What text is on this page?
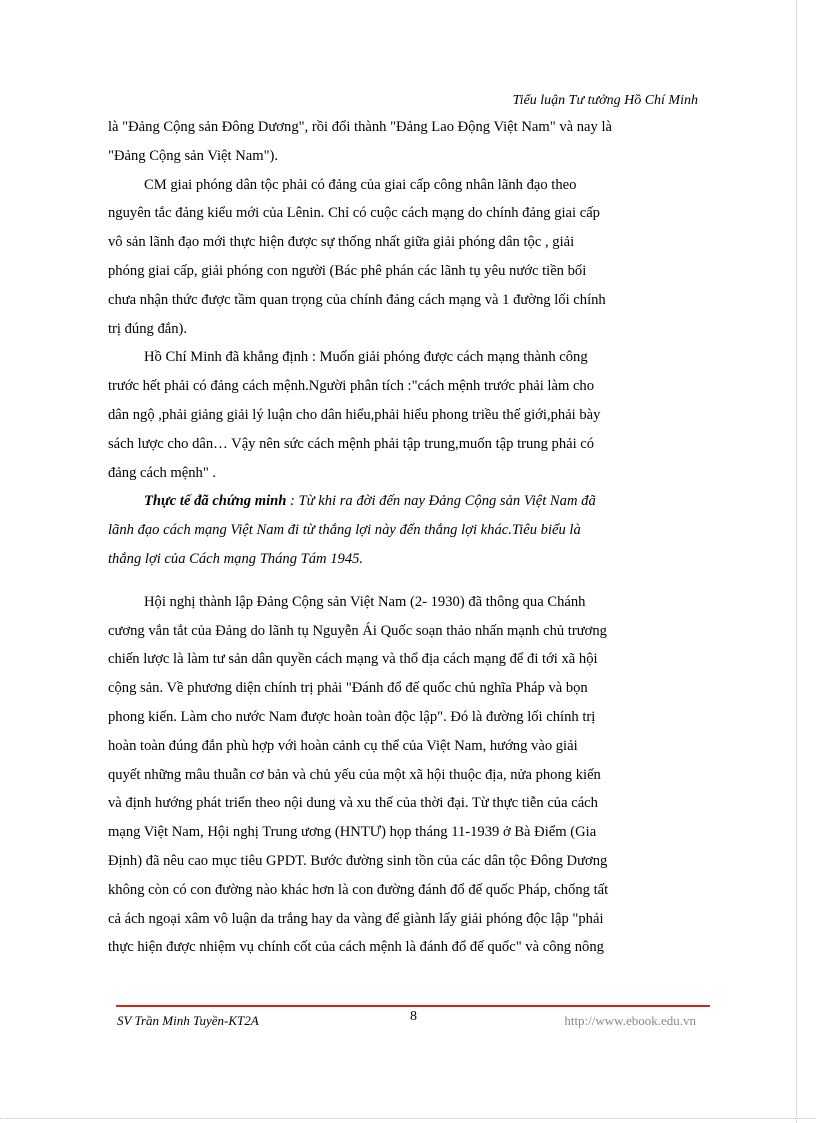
Tiểu luận Tư tưởng Hồ Chí Minh
là "Đảng Cộng sản Đông Dương", rồi đổi thành "Đảng Lao Động Việt Nam" và nay là
"Đảng Cộng sản Việt Nam").
CM giai phóng dân tộc phải có đảng của giai cấp công nhân lãnh đạo theo
nguyên tắc đảng kiểu mới của Lênin. Chỉ có cuộc cách mạng do chính đảng giai cấp
vô sản lãnh đạo mới thực hiện được sự thống nhất giữa giải phóng dân tộc , giải
phóng giai cấp, giải phóng con người (Bác phê phán các lãnh tụ yêu nước tiền bối
chưa nhận thức được tầm quan trọng của chính đảng cách mạng và 1 đường lối chính
trị đúng đắn).
Hồ Chí Minh đã khẳng định : Muốn giải phóng được cách mạng thành công
trước hết phải có đảng cách mệnh.Người phân tích :"cách mệnh trước phải làm cho
dân ngộ ,phải giảng giải lý luận cho dân hiểu,phải hiểu phong triều thế giới,phải bày
sách lược cho dân… Vậy nên sức cách mệnh phải tập trung,muốn tập trung phải có
đảng cách mệnh" .
Thực tế đã chứng minh : Từ khi ra đời đến nay Đảng Cộng sản Việt Nam đã
lãnh đạo cách mạng Việt Nam đi từ thắng lợi này đến thắng lợi khác.Tiêu biểu là
thắng lợi của Cách mạng Tháng Tám 1945.
Hội nghị thành lập Đảng Cộng sản Việt Nam (2- 1930) đã thông qua Chánh
cương vắn tắt của Đảng do lãnh tụ Nguyễn Ái Quốc soạn thảo nhấn mạnh chủ trương
chiến lược là làm tư sản dân quyền cách mạng và thổ địa cách mạng để đi tới xã hội
cộng sản. Về phương diện chính trị phải "Đánh đổ đế quốc chủ nghĩa Pháp và bọn
phong kiến. Làm cho nước Nam được hoàn toàn độc lập". Đó là đường lối chính trị
hoàn toàn đúng đắn phù hợp với hoàn cảnh cụ thể của Việt Nam, hướng vào giải
quyết những mâu thuẫn cơ bản và chủ yếu của một xã hội thuộc địa, nửa phong kiến
và định hướng phát triển theo nội dung và xu thế của thời đại. Từ thực tiễn của cách
mạng Việt Nam, Hội nghị Trung ương (HNTƯ) họp tháng 11-1939 ở Bà Điểm (Gia
Định) đã nêu cao mục tiêu GPDT. Bước đường sinh tồn của các dân tộc Đông Dương
không còn có con đường nào khác hơn là con đường đánh đổ đế quốc Pháp, chống tất
cả ách ngoại xâm vô luận da trắng hay da vàng để giành lấy giải phóng độc lập "phải
thực hiện được nhiệm vụ chính cốt của cách mệnh là đánh đổ đế quốc" và công nông
SV Trần Minh Tuyền-KT2A	8	http://www.ebook.edu.vn
